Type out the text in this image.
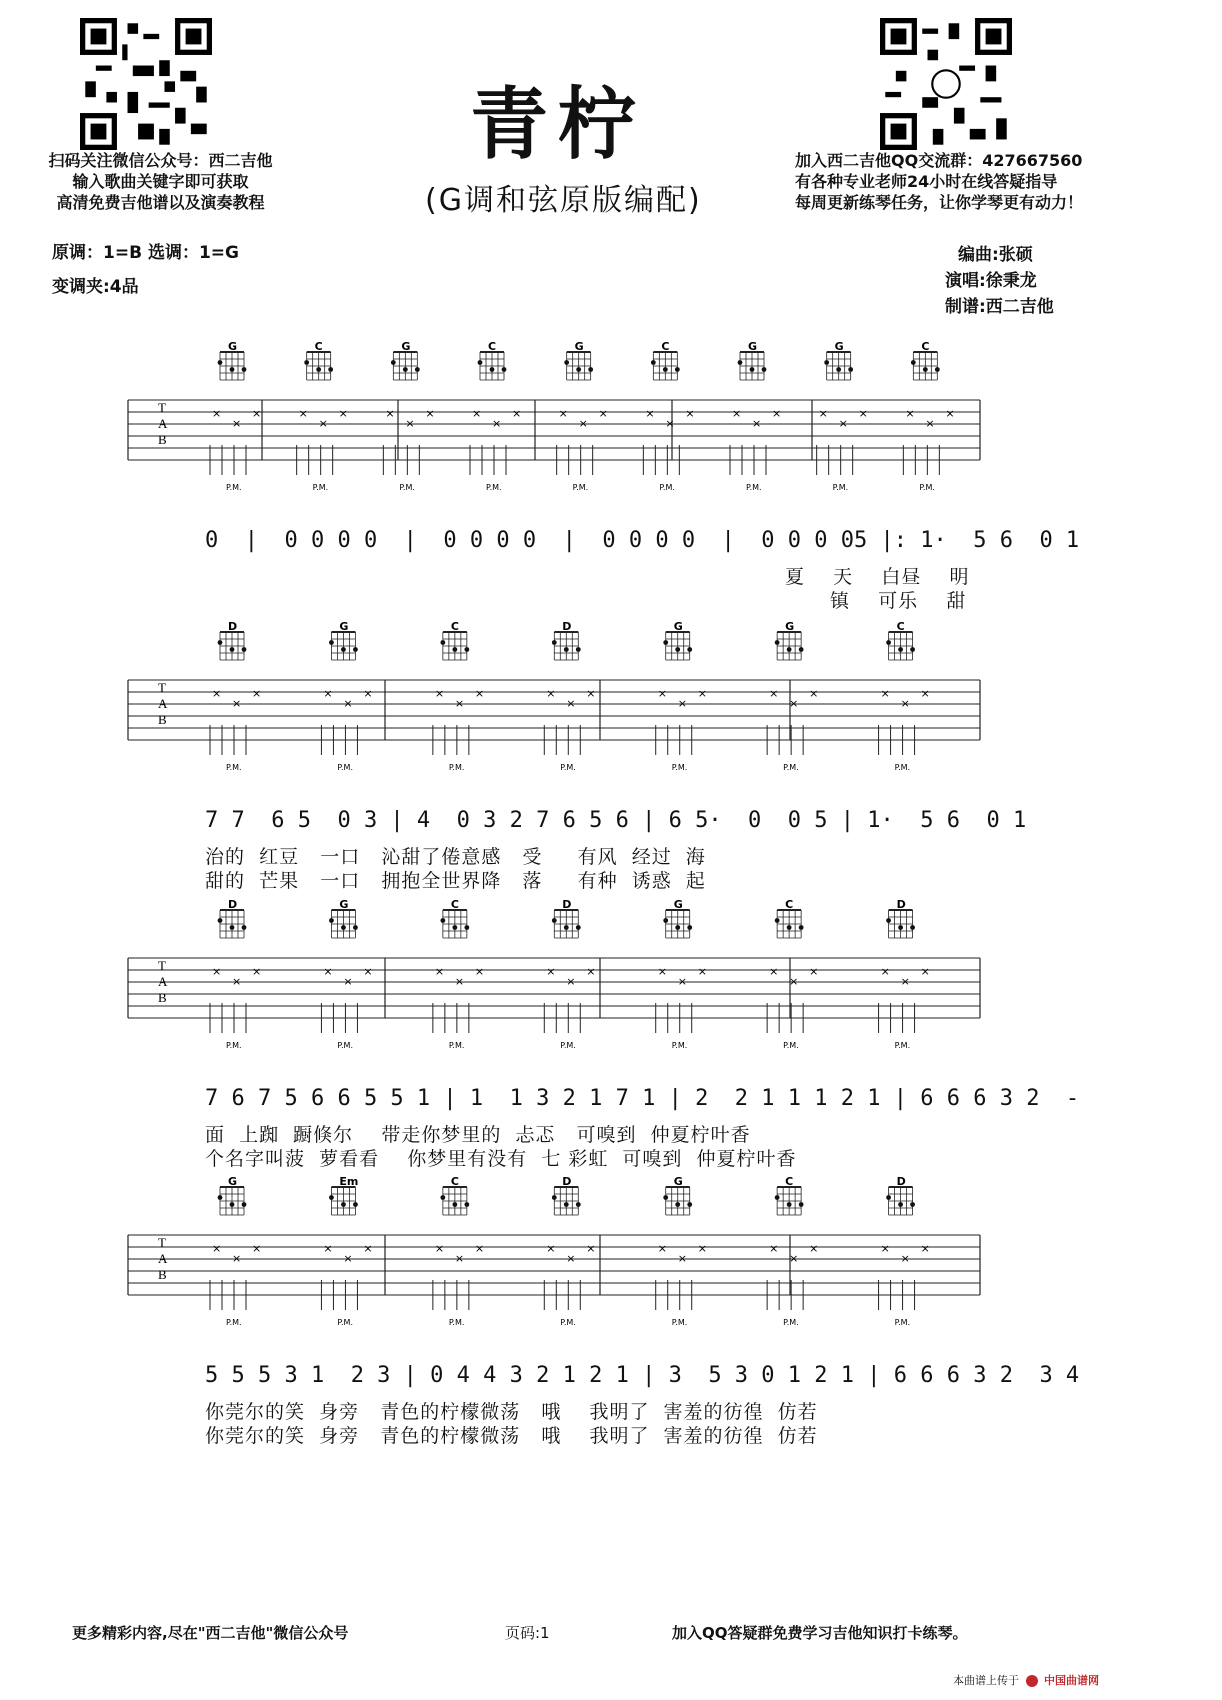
扫码关注微信公众号：西二吉他
输入歌曲关键字即可获取
高清免费吉他谱以及演奏教程
加入西二吉他QQ交流群：427667560
有各种专业老师24小时在线答疑指导
每周更新练琴任务，让你学琴更有动力！
青柠
(G调和弦原版编配)
原调：1=B 选调：1=G
变调夹:4品
编曲:张硕
演唱:徐秉龙
制谱:西二吉他
T
A
B
G
×
×
×
P.M.
C
×
×
×
P.M.
G
×
×
×
P.M.
C
×
×
×
P.M.
G
×
×
×
P.M.
C
×
×
×
P.M.
G
×
×
×
P.M.
G
×
×
×
P.M.
C
×
×
×
P.M.
0  |  0 0 0 0  |  0 0 0 0  |  0 0 0 0  |  0 0 0 05 |: 1·  5 6  0 1
夏    天    白昼    明
镇    可乐    甜
T
A
B
D
×
×
×
P.M.
G
×
×
×
P.M.
C
×
×
×
P.M.
D
×
×
×
P.M.
G
×
×
×
P.M.
G
×
×
×
P.M.
C
×
×
×
P.M.
7 7  6 5  0 3 | 4  0 3 2 7 6 5 6 | 6 5·  0  0 5 | 1·  5 6  0 1
治的  红豆   一口   沁甜了倦意感   受     有风  经过  海
甜的  芒果   一口   拥抱全世界降   落     有种  诱惑  起
T
A
B
D
×
×
×
P.M.
G
×
×
×
P.M.
C
×
×
×
P.M.
D
×
×
×
P.M.
G
×
×
×
P.M.
C
×
×
×
P.M.
D
×
×
×
P.M.
7 6 7 5 6 6 5 5 1 | 1  1 3 2 1 7 1 | 2  2 1 1 1 2 1 | 6 6 6 3 2  -
面  上踟  蹰倏尔    带走你梦里的  忐忑   可嗅到  仲夏柠叶香
个名字叫菠  萝看看    你梦里有没有  七 彩虹  可嗅到  仲夏柠叶香
T
A
B
G
×
×
×
P.M.
Em
×
×
×
P.M.
C
×
×
×
P.M.
D
×
×
×
P.M.
G
×
×
×
P.M.
C
×
×
×
P.M.
D
×
×
×
P.M.
5 5 5 3 1  2 3 | 0 4 4 3 2 1 2 1 | 3  5 3 0 1 2 1 | 6 6 6 3 2  3 4
你莞尔的笑  身旁   青色的柠檬微荡   哦    我明了  害羞的彷徨  仿若
你莞尔的笑  身旁   青色的柠檬微荡   哦    我明了  害羞的彷徨  仿若
更多精彩内容,尽在"西二吉他"微信公众号	页码:1	加入QQ答疑群免费学习吉他知识打卡练琴。
本曲谱上传于 中国曲谱网
